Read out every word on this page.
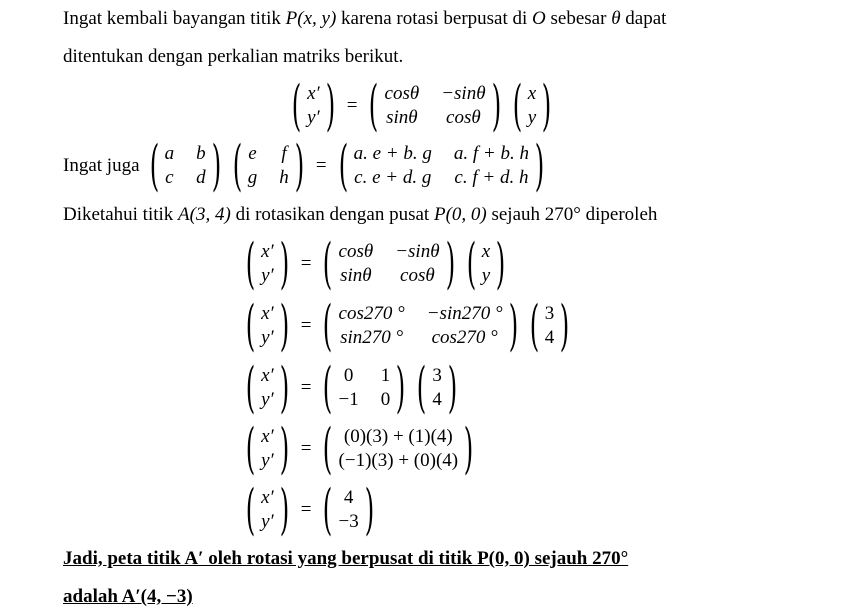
Ingat kembali bayangan titik P(x, y) karena rotasi berpusat di O sebesar θ dapat
ditentukan dengan perkalian matriks berikut.
( x′
y′ ) = ( cosθ −sinθ
sinθ cosθ ) ( x
y )
Ingat juga ( a b
c d ) ( e f
g h ) = ( a. e + b. g a. f + b. h
c. e + d. g c. f + d. h )
Diketahui titik A(3, 4) di rotasikan dengan pusat P(0, 0) sejauh 270° diperoleh
( x′
y′ ) = ( cosθ −sinθ
sinθ cosθ ) ( x
y )
( x′
y′ ) = ( cos270 ° −sin270 °
sin270 ° cos270 ° ) ( 3
4 )
( x′
y′ ) = ( 0 1
−1 0 ) ( 3
4 )
( x′
y′ ) = ( (0)(3) + (1)(4)
(−1)(3) + (0)(4) )
( x′
y′ ) = ( 4
−3 )
Jadi, peta titik A′ oleh rotasi yang berpusat di titik P(0, 0) sejauh 270°
adalah A′(4, −3)
